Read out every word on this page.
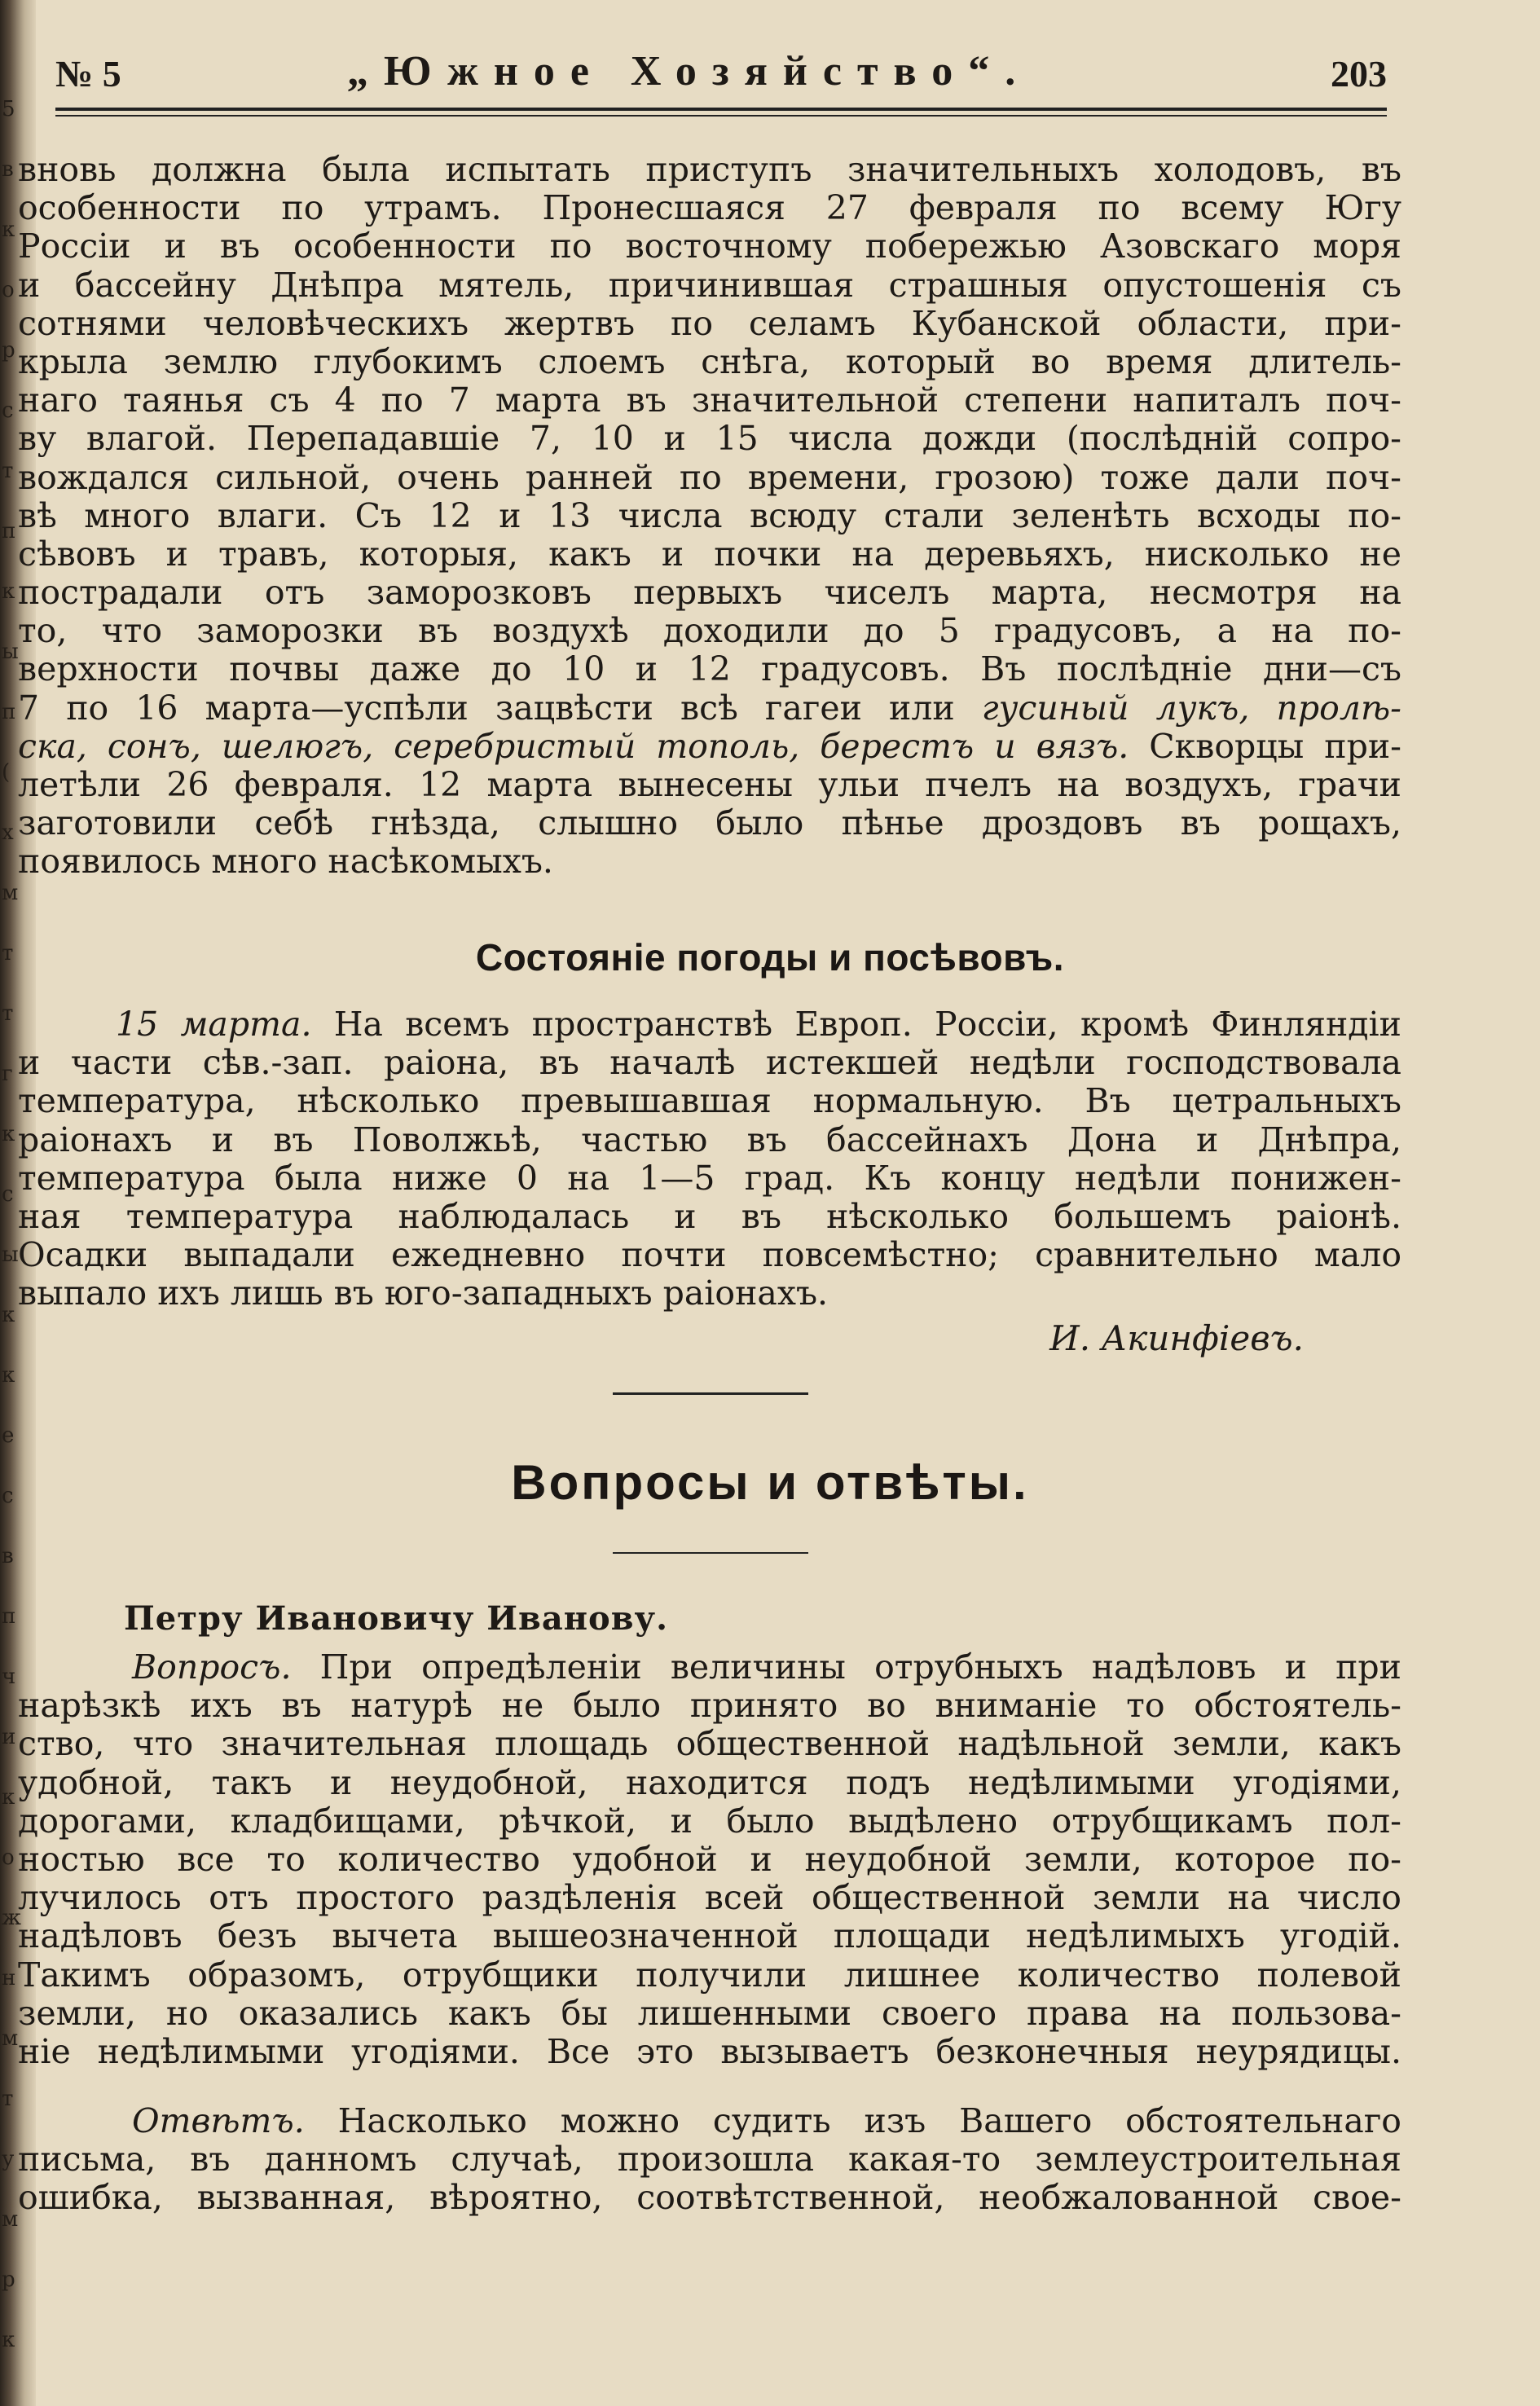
5
в
к
о
р
с
т
п
к
ы
п
(
х
м
т
т
г
к
с
ы
к
к
е
с
в
п
ч
и
к
о
ж
н
м
т
у
м
р
к
№ 5	„Южное Хозяйство“.	203
вновь должна была испытать приступъ значительныхъ холодовъ, въ
особенности по утрамъ. Пронесшаяся 27 февраля по всему Югу
Россіи и въ особенности по восточному побережью Азовскаго моря
и бассейну Днѣпра мятель, причинившая страшныя опустошенія съ
сотнями человѣческихъ жертвъ по селамъ Кубанской области, при-
крыла землю глубокимъ слоемъ снѣга, который во время длитель-
наго таянья съ 4 по 7 марта въ значительной степени напиталъ поч-
ву влагой. Перепадавшіе 7, 10 и 15 числа дожди (послѣдній сопро-
вождался сильной, очень ранней по времени, грозою) тоже дали поч-
вѣ много влаги. Съ 12 и 13 числа всюду стали зеленѣть всходы по-
сѣвовъ и травъ, которыя, какъ и почки на деревьяхъ, нисколько не
пострадали отъ заморозковъ первыхъ чиселъ марта, несмотря на
то, что заморозки въ воздухѣ доходили до 5 градусовъ, а на по-
верхности почвы даже до 10 и 12 градусовъ. Въ послѣдніе дни—съ
7 по 16 марта—успѣли зацвѣсти всѣ гагеи или гусиный лукъ, пролѣ-
ска, сонъ, шелюгъ, серебристый тополь, берестъ и вязъ. Скворцы при-
летѣли 26 февраля. 12 марта вынесены ульи пчелъ на воздухъ, грачи
заготовили себѣ гнѣзда, слышно было пѣнье дроздовъ въ рощахъ,
появилось много насѣкомыхъ.
Состояніе погоды и посѣвовъ.
15 марта. На всемъ пространствѣ Европ. Россіи, кромѣ Финляндіи
и части сѣв.-зап. раіона, въ началѣ истекшей недѣли господствовала
температура, нѣсколько превышавшая нормальную. Въ цетральныхъ
раіонахъ и въ Поволжьѣ, частью въ бассейнахъ Дона и Днѣпра,
температура была ниже 0 на 1—5 град. Къ концу недѣли понижен-
ная температура наблюдалась и въ нѣсколько большемъ раіонѣ.
Осадки выпадали ежедневно почти повсемѣстно; сравнительно мало
выпало ихъ лишь въ юго-западныхъ раіонахъ.
И. Акинфіевъ.
Вопросы и отвѣты.
Петру Ивановичу Иванову.
Вопросъ. При опредѣленіи величины отрубныхъ надѣловъ и при
нарѣзкѣ ихъ въ натурѣ не было принято во вниманіе то обстоятель-
ство, что значительная площадь общественной надѣльной земли, какъ
удобной, такъ и неудобной, находится подъ недѣлимыми угодіями,
дорогами, кладбищами, рѣчкой, и было выдѣлено отрубщикамъ пол-
ностью все то количество удобной и неудобной земли, которое по-
лучилось отъ простого раздѣленія всей общественной земли на число
надѣловъ безъ вычета вышеозначенной площади недѣлимыхъ угодій.
Такимъ образомъ, отрубщики получили лишнее количество полевой
земли, но оказались какъ бы лишенными своего права на пользова-
ніе недѣлимыми угодіями. Все это вызываетъ безконечныя неурядицы.
Отвѣтъ. Насколько можно судить изъ Вашего обстоятельнаго
письма, въ данномъ случаѣ, произошла какая-то землеустроительная
ошибка, вызванная, вѣроятно, соотвѣтственной, необжалованной свое-
